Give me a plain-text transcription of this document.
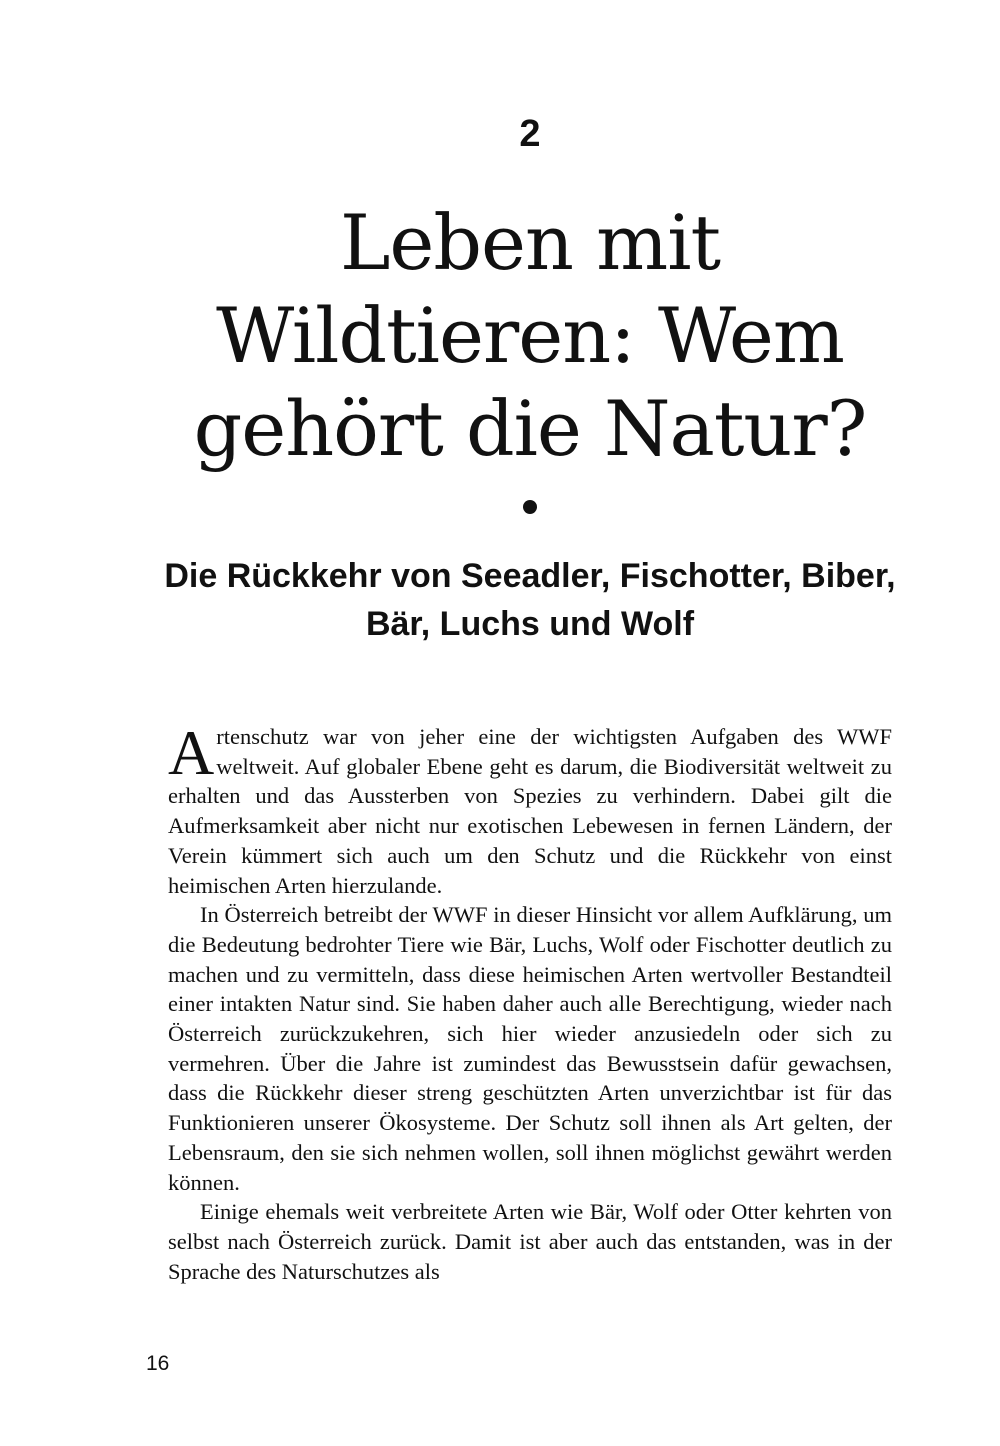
2
Leben mit Wildtieren: Wem gehört die Natur?
Die Rückkehr von Seeadler, Fischotter, Biber, Bär, Luchs und Wolf

Artenschutz war von jeher eine der wichtigsten Aufgaben des WWF weltweit. Auf globaler Ebene geht es darum, die Biodiversität weltweit zu erhalten und das Aussterben von Spezies zu verhindern. Dabei gilt die Aufmerksamkeit aber nicht nur exotischen Lebewesen in fernen Ländern, der Verein kümmert sich auch um den Schutz und die Rückkehr von einst heimischen Arten hierzulande.

In Österreich betreibt der WWF in dieser Hinsicht vor allem Aufklärung, um die Bedeutung bedrohter Tiere wie Bär, Luchs, Wolf oder Fischotter deutlich zu machen und zu vermitteln, dass diese heimischen Arten wertvoller Bestandteil einer intakten Natur sind. Sie haben daher auch alle Berechtigung, wieder nach Österreich zurückzukehren, sich hier wieder anzusiedeln oder sich zu vermehren. Über die Jahre ist zumindest das Bewusstsein dafür gewachsen, dass die Rückkehr dieser streng geschützten Arten unverzichtbar ist für das Funktionieren unserer Ökosysteme. Der Schutz soll ihnen als Art gelten, der Lebensraum, den sie sich nehmen wollen, soll ihnen möglichst gewährt werden können.

Einige ehemals weit verbreitete Arten wie Bär, Wolf oder Otter kehrten von selbst nach Österreich zurück. Damit ist aber auch das entstanden, was in der Sprache des Naturschutzes als

16
